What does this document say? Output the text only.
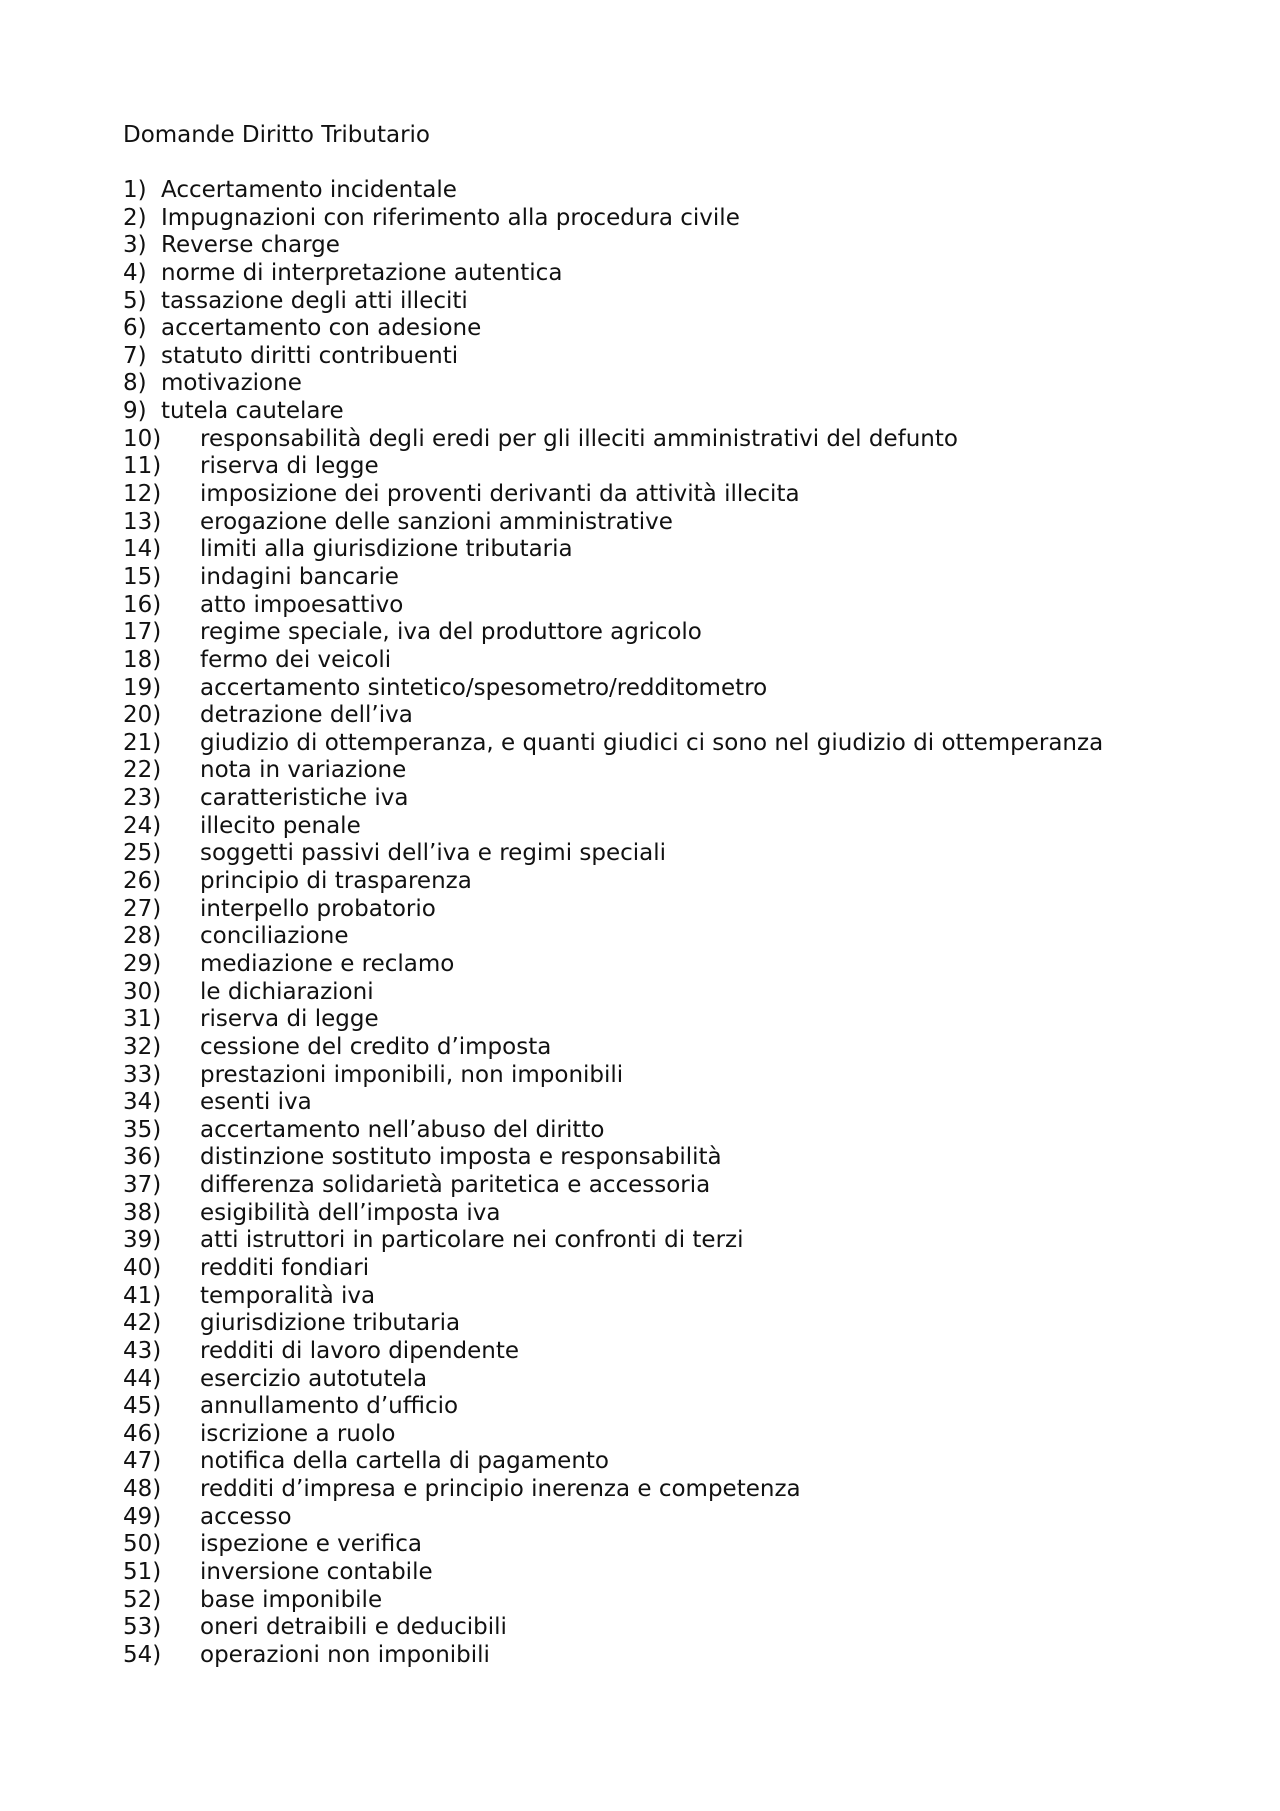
Domande Diritto Tributario
1) Accertamento incidentale
2) Impugnazioni con riferimento alla procedura civile
3) Reverse charge
4) norme di interpretazione autentica
5) tassazione degli atti illeciti
6) accertamento con adesione
7) statuto diritti contribuenti
8) motivazione
9) tutela cautelare
10) responsabilità degli eredi per gli illeciti amministrativi del defunto
11) riserva di legge
12) imposizione dei proventi derivanti da attività illecita
13) erogazione delle sanzioni amministrative
14) limiti alla giurisdizione tributaria
15) indagini bancarie
16) atto impoesattivo
17) regime speciale, iva del produttore agricolo
18) fermo dei veicoli
19) accertamento sintetico/spesometro/redditometro
20) detrazione dell’iva
21) giudizio di ottemperanza, e quanti giudici ci sono nel giudizio di ottemperanza
22) nota in variazione
23) caratteristiche iva
24) illecito penale
25) soggetti passivi dell’iva e regimi speciali
26) principio di trasparenza
27) interpello probatorio
28) conciliazione
29) mediazione e reclamo
30) le dichiarazioni
31) riserva di legge
32) cessione del credito d’imposta
33) prestazioni imponibili, non imponibili
34) esenti iva
35) accertamento nell’abuso del diritto
36) distinzione sostituto imposta e responsabilità
37) differenza solidarietà paritetica e accessoria
38) esigibilità dell’imposta iva
39) atti istruttori in particolare nei confronti di terzi
40) redditi fondiari
41) temporalità iva
42) giurisdizione tributaria
43) redditi di lavoro dipendente
44) esercizio autotutela
45) annullamento d’ufficio
46) iscrizione a ruolo
47) notifica della cartella di pagamento
48) redditi d’impresa e principio inerenza e competenza
49) accesso
50) ispezione e verifica
51) inversione contabile
52) base imponibile
53) oneri detraibili e deducibili
54) operazioni non imponibili
